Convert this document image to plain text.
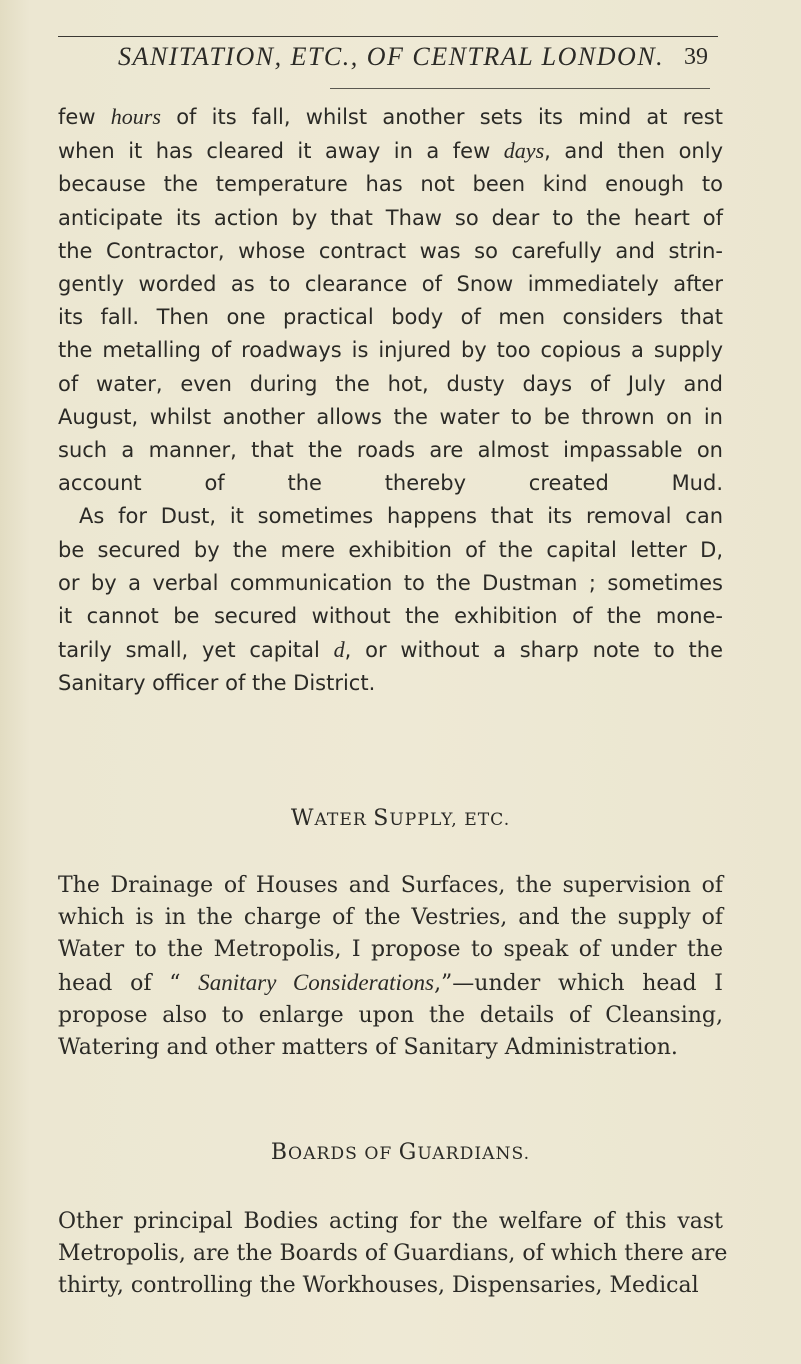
SANITATION, ETC., OF CENTRAL LONDON. 39
few hours of its fall, whilst another sets its mind at rest
when it has cleared it away in a few days, and then only
because the temperature has not been kind enough to
anticipate its action by that Thaw so dear to the heart of
the Contractor, whose contract was so carefully and strin-
gently worded as to clearance of Snow immediately after
its fall. Then one practical body of men considers that
the metalling of roadways is injured by too copious a supply
of water, even during the hot, dusty days of July and
August, whilst another allows the water to be thrown on in
such a manner, that the roads are almost impassable on
account of the thereby created Mud.
As for Dust, it sometimes happens that its removal can
be secured by the mere exhibition of the capital letter D,
or by a verbal communication to the Dustman ; sometimes
it cannot be secured without the exhibition of the mone-
tarily small, yet capital d, or without a sharp note to the
Sanitary officer of the District.
WATER SUPPLY, ETC.
The Drainage of Houses and Surfaces, the supervision of
which is in the charge of the Vestries, and the supply of
Water to the Metropolis, I propose to speak of under the
head of “ Sanitary Considerations,”—under which head I
propose also to enlarge upon the details of Cleansing,
Watering and other matters of Sanitary Administration.
BOARDS OF GUARDIANS.
Other principal Bodies acting for the welfare of this vast
Metropolis, are the Boards of Guardians, of which there are
thirty, controlling the Workhouses, Dispensaries, Medical
